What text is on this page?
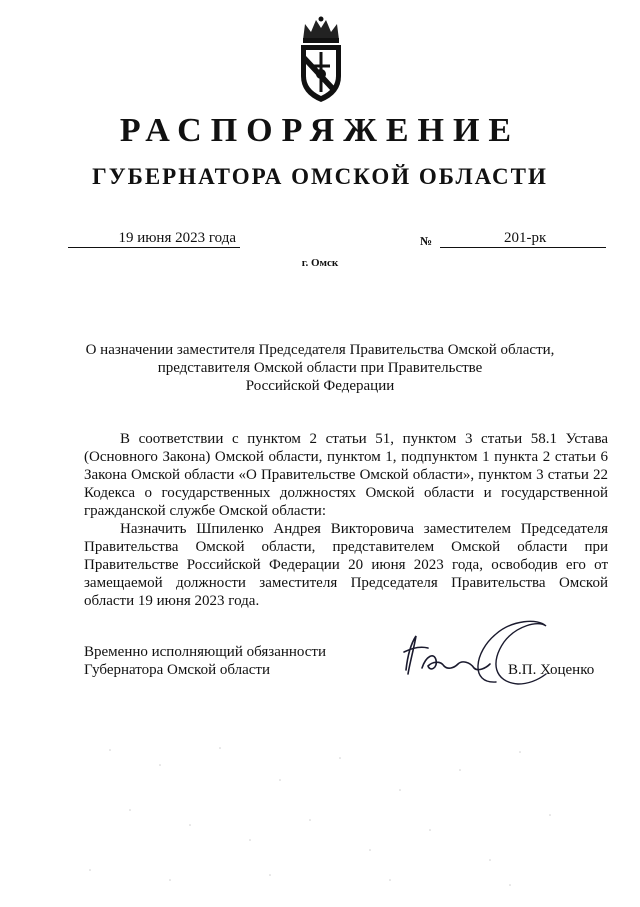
РАСПОРЯЖЕНИЕ
ГУБЕРНАТОРА ОМСКОЙ ОБЛАСТИ
19 июня 2023 года	№	201-рк
г. Омск
О назначении заместителя Председателя Правительства Омской области,
представителя Омской области при Правительстве
Российской Федерации

В соответствии с пунктом 2 статьи 51, пунктом 3 статьи 58.1 Устава (Основного Закона) Омской области, пунктом 1, подпунктом 1 пункта 2 статьи 6 Закона Омской области «О Правительстве Омской области», пунктом 3 статьи 22 Кодекса о государственных должностях Омской области и государственной гражданской службе Омской области:

Назначить Шпиленко Андрея Викторовича заместителем Председателя Правительства Омской области, представителем Омской области при Правительстве Российской Федерации 20 июня 2023 года, освободив его от замещаемой должности заместителя Председателя Правительства Омской области 19 июня 2023 года.

Временно исполняющий обязанности
Губернатора Омской области	В.П. Хоценко
